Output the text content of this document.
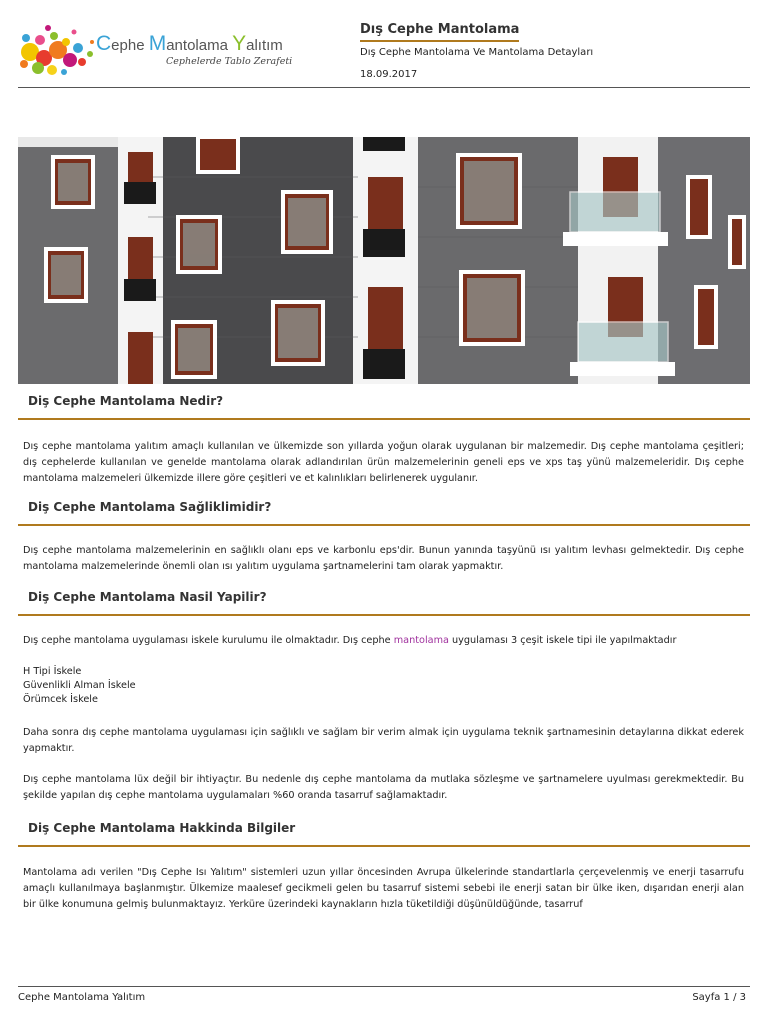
Cephe Mantolama Yalıtım
Cephelerde Tablo Zerafeti
Dış Cephe Mantolama
Dış Cephe Mantolama Ve Mantolama Detayları
18.09.2017
Diş Cephe Mantolama Nedir?

Dış cephe mantolama yalıtım amaçlı kullanılan ve ülkemizde son yıllarda yoğun olarak uygulanan bir malzemedir. Dış cephe mantolama çeşitleri; dış cephelerde kullanılan ve genelde mantolama olarak adlandırılan ürün malzemelerinin geneli eps ve xps taş yünü malzemeleridir. Dış cephe mantolama malzemeleri ülkemizde illere göre çeşitleri ve et kalınlıkları belirlenerek uygulanır.

Diş Cephe Mantolama Sağliklimidir?

Dış cephe mantolama malzemelerinin en sağlıklı olanı eps ve karbonlu eps'dir. Bunun yanında taşyünü ısı yalıtım levhası gelmektedir. Dış cephe mantolama malzemelerinde önemli olan ısı yalıtım uygulama şartnamelerini tam olarak yapmaktır.

Diş Cephe Mantolama Nasil Yapilir?

Dış cephe mantolama uygulaması iskele kurulumu ile olmaktadır. Dış cephe mantolama uygulaması 3 çeşit iskele tipi ile yapılmaktadır

H Tipi İskele
Güvenlikli Alman İskele
Örümcek İskele

Daha sonra dış cephe mantolama uygulaması için sağlıklı ve sağlam bir verim almak için uygulama teknik şartnamesinin detaylarına dikkat ederek yapmaktır.

Dış cephe mantolama lüx değil bir ihtiyaçtır. Bu nedenle dış cephe mantolama da mutlaka sözleşme ve şartnamelere uyulması gerekmektedir. Bu şekilde yapılan dış cephe mantolama uygulamaları %60 oranda tasarruf sağlamaktadır.

Diş Cephe Mantolama Hakkinda Bilgiler

Mantolama adı verilen "Dış Cephe Isı Yalıtım" sistemleri uzun yıllar öncesinden Avrupa ülkelerinde standartlarla çerçevelenmiş ve enerji tasarrufu amaçlı kullanılmaya başlanmıştır. Ülkemize maalesef gecikmeli gelen bu tasarruf sistemi sebebi ile enerji satan bir ülke iken, dışarıdan enerji alan bir ülke konumuna gelmiş bulunmaktayız. Yerküre üzerindeki kaynakların hızla tüketildiği düşünüldüğünde, tasarruf

Cephe Mantolama Yalıtım	Sayfa 1 / 3
